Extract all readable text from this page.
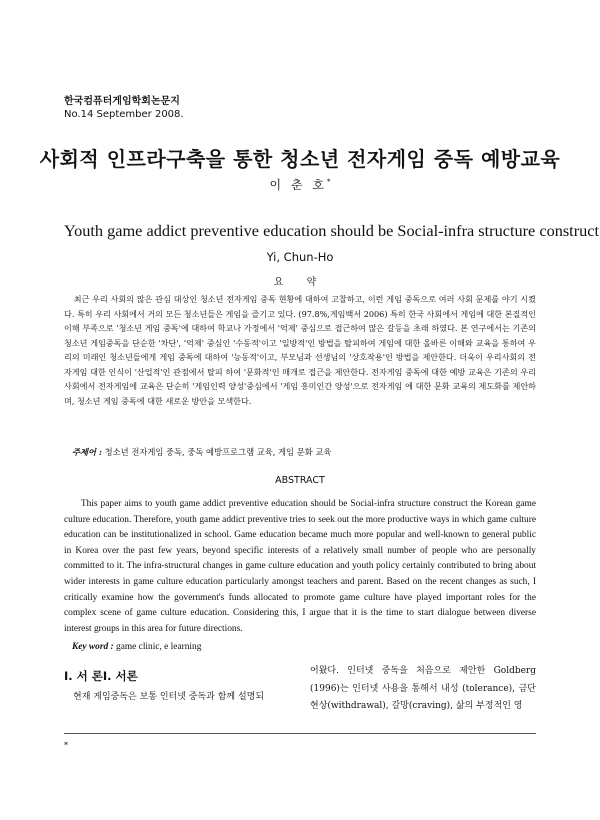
한국컴퓨터게임학회논문지
No.14 September 2008.
사회적 인프라구축을 통한 청소년 전자게임 중독 예방교육
이 춘 호*
Youth game addict preventive education should be Social-infra structure construct
Yi, Chun-Ho
요 약
최근 우리 사회의 많은 관심 대상인 청소년 전자게임 중독 현황에 대하여 고찰하고, 이런 게임 중독으로 여러 사회 문제를 야기 시켰다. 특히 우리 사회에서 거의 모든 청소년들은 게임을 즐기고 있다. (97.8%,게임백서 2006) 특히 한국 사회에서 게임에 대한 본질적인 이해 부족으로 '청소년 게임 중독'에 대하여 학교나 가정에서 '억제' 중심으로 접근하여 많은 갈등을 초래 하였다. 본 연구에서는 기존의 청소년 게임중독을 단순한 '차단', '억제' 중심인 '수동적'이고 '일방적'인 방법을 탈피하여 게임에 대한 올바른 이해와 교육을 통하여 우리의 미래인 청소년들에게 게임 중독에 대하여 '능동적'이고, 부모님과 선생님의 '상호작용'인 방법을 제안한다. 더욱이 우리사회의 전자게임 대한 인식이 '산업적'인 관점에서 탈피 하여 '문화적'인 매개로 접근을 제안한다. 전자게임 중독에 대한 예방 교육은 기존의 우리사회에서 전자게임에 교육은 단순히 '게임인력 양성'중심에서 '게임 흥미인간 양성'으로 전자게임 에 대한 문화 교육의 제도화를 제안하며, 청소년 게임 중독에 대한 새로운 방안을 모색한다.
주제어 : 청소년 전자게임 중독, 중독 예방프로그램 교육, 게임 문화 교육
ABSTRACT
This paper aims to youth game addict preventive education should be Social-infra structure construct the Korean game culture education. Therefore, youth game addict preventive tries to seek out the more productive ways in which game culture education can be institutionalized in school. Game education became much more popular and well-known to general public in Korea over the past few years, beyond specific interests of a relatively small number of people who are personally committed to it. The infra-structural changes in game culture education and youth policy certainly contributed to bring about wider interests in game culture education particularly amongst teachers and parent. Based on the recent changes as such, I critically examine how the government's funds allocated to promote game culture have played important roles for the complex scene of game culture education. Considering this, I argue that it is the time to start dialogue between diverse interest groups in this area for future directions.
Key word : game clinic, e learning
Ⅰ. 서 론Ⅰ. 서론
현재 게임중독은 보통 인터넷 중독과 함께 설명되
어왔다. 인터넷 중독을 처음으로 제안한 Goldberg (1996)는 인터넷 사용을 통해서 내성 (tolerance), 금단현상(withdrawal), 갈망(craving), 삶의 부정적인 영
*
